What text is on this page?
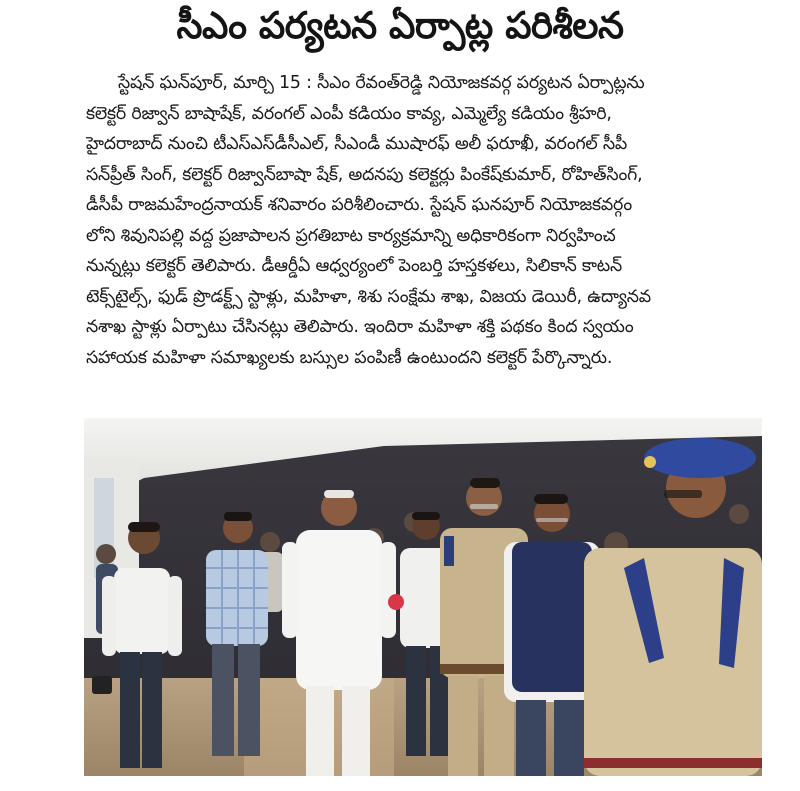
సీఎం పర్యటన ఏర్పాట్ల పరిశీలన
స్టేషన్ ఘన్‌పూర్, మార్చి 15 : సీఎం రేవంత్‌రెడ్డి నియోజకవర్గ పర్యటన ఏర్పాట్లను
కలెక్టర్ రిజ్వాన్ బాషాషేక్, వరంగల్ ఎంపీ కడియం కావ్య, ఎమ్మెల్యే కడియం శ్రీహరి,
హైదరాబాద్ నుంచి టీఎస్ఎస్‌డీసీఎల్, సీఎండీ ముషారఫ్ అలీ ఫరూఖీ, వరంగల్ సీపీ
సన్‌ప్రీత్ సింగ్, కలెక్టర్ రిజ్వాన్‌బాషా షేక్, అదనపు కలెక్టర్లు పింకేష్‌కుమార్, రోహిత్‌సింగ్,
డీసీపీ రాజమహేంద్రనాయక్ శనివారం పరిశీలించారు. స్టేషన్ ఘనపూర్ నియోజకవర్గం
లోని శివునిపల్లి వద్ద ప్రజాపాలన ప్రగతిబాట కార్యక్రమాన్ని అధికారికంగా నిర్వహించ
నున్నట్లు కలెక్టర్ తెలిపారు. డీఆర్డీఏ ఆధ్వర్యంలో పెంబర్తి హస్తకళలు, సిలికాన్ కాటన్
టెక్స్‌టైల్స్, ఫుడ్ ప్రొడక్ట్స్ స్టాళ్లు, మహిళా, శిశు సంక్షేమ శాఖ, విజయ డెయిరీ, ఉద్యానవ
నశాఖ స్టాళ్లు ఏర్పాటు చేసినట్లు తెలిపారు. ఇందిరా మహిళా శక్తి పథకం కింద స్వయం
సహాయక మహిళా సమాఖ్యలకు బస్సుల పంపిణీ ఉంటుందని కలెక్టర్ పేర్కొన్నారు.
